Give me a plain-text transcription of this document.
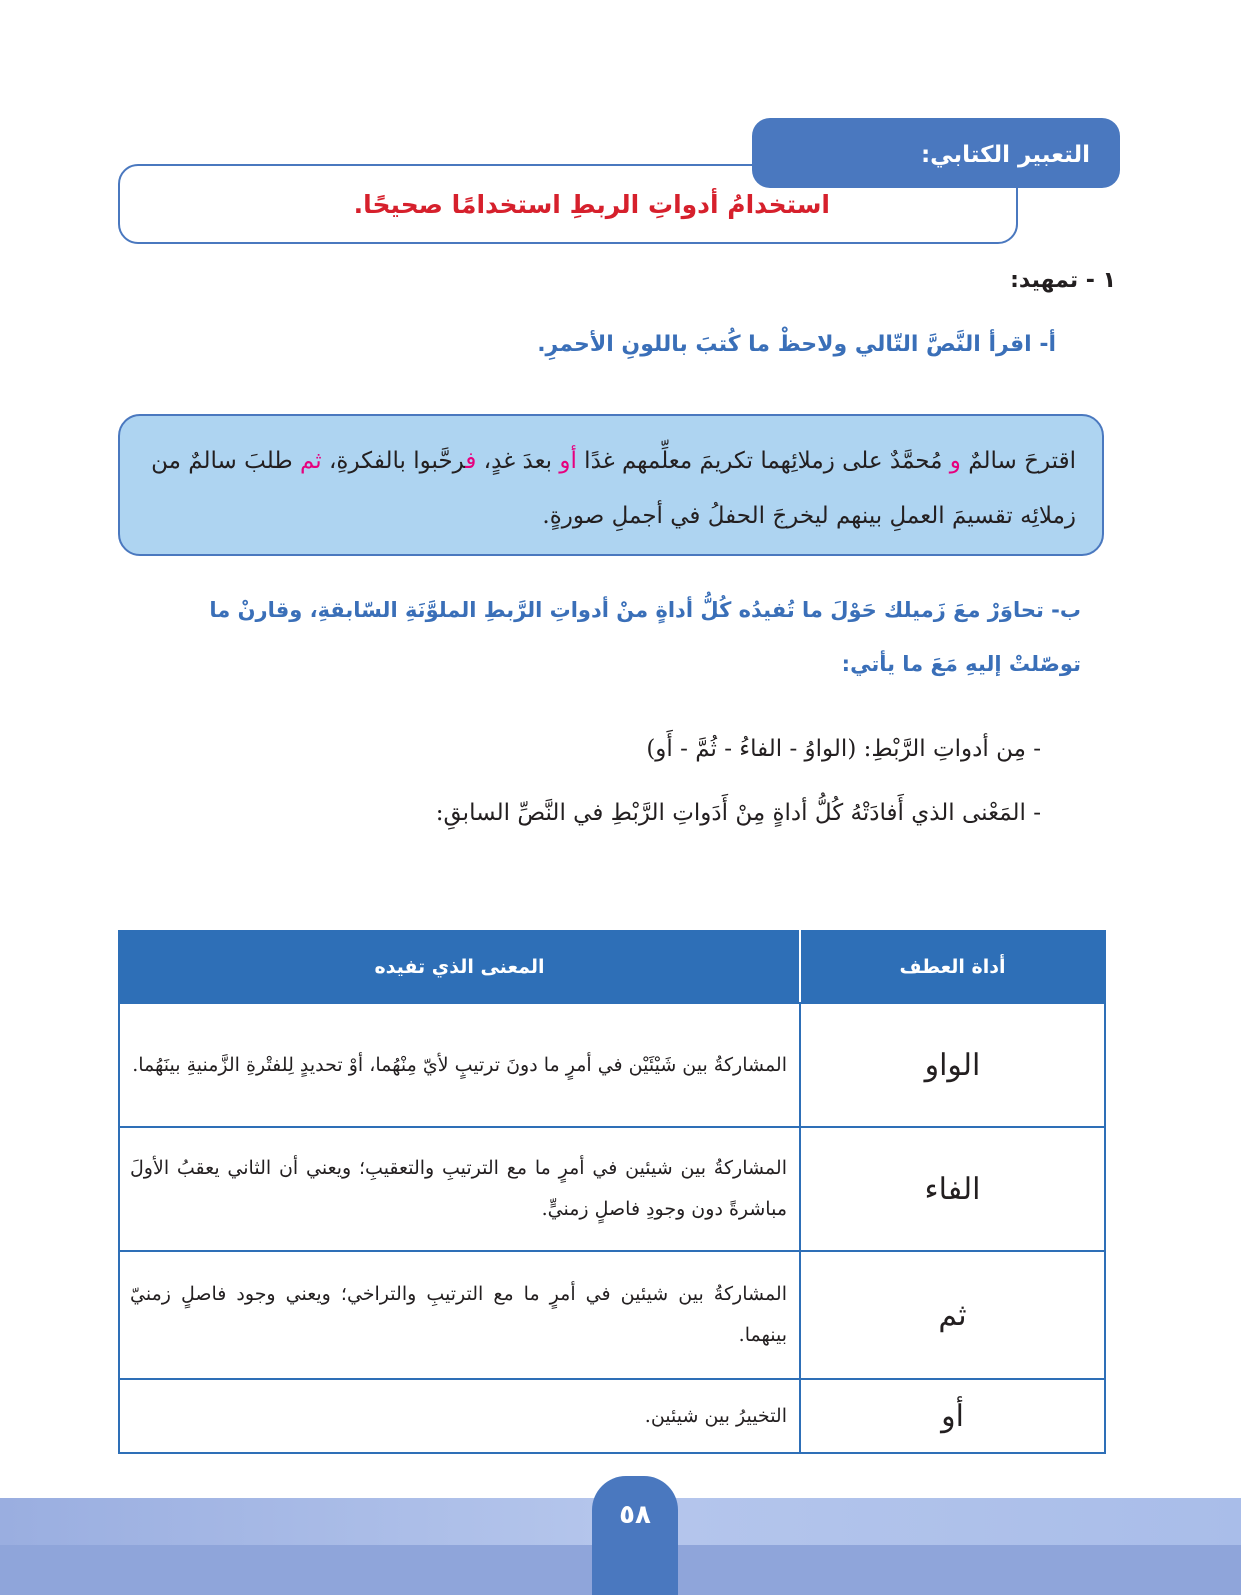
التعبير الكتابي:
استخدامُ أدواتِ الربطِ استخدامًا صحيحًا.
١ - تمهيد:
أ- اقرأ النَّصَّ التّالي ولاحظْ ما كُتبَ باللونِ الأحمرِ.
اقترحَ سالمٌ و مُحمَّدٌ على زملائِهما تكريمَ معلِّمهم غدًا أو بعدَ غدٍ، فرحَّبوا بالفكرةِ، ثم طلبَ سالمٌ من زملائِه تقسيمَ العملِ بينهم ليخرجَ الحفلُ في أجملِ صورةٍ.
ب- تحاوَرْ معَ زَميلك حَوْلَ ما تُفيدُه كُلُّ أداةٍ منْ أدواتِ الرَّبطِ الملوَّنَةِ السّابقةِ، وقارنْ ما
توصّلتْ إليهِ مَعَ ما يأتي:
- مِن أدواتِ الرَّبْطِ: (الواوُ - الفاءُ - ثُمَّ - أَو)
- المَعْنى الذي أَفادَتْهُ كُلُّ أداةٍ مِنْ أَدَواتِ الرَّبْطِ في النَّصِّ السابقِ:
أداة العطف	المعنى الذي تفيده
الواو	المشاركةُ بين شَيْئَيْن في أمرٍ ما دونَ ترتيبٍ لأيّ مِنْهُما، أوْ تحديدٍ لِلفتْرةِ الزَّمنيةِ بينَهُما.
الفاء	المشاركةُ بين شيئين في أمرٍ ما مع الترتيبِ والتعقيبِ؛ ويعني أن الثاني يعقبُ الأولَ مباشرةً دون وجودِ فاصلٍ زمنيٍّ.
ثم	المشاركةُ بين شيئين في أمرٍ ما مع الترتيبِ والتراخي؛ ويعني وجود فاصلٍ زمنيّ بينهما.
أو	التخييرُ بين شيئين.
٥٨
